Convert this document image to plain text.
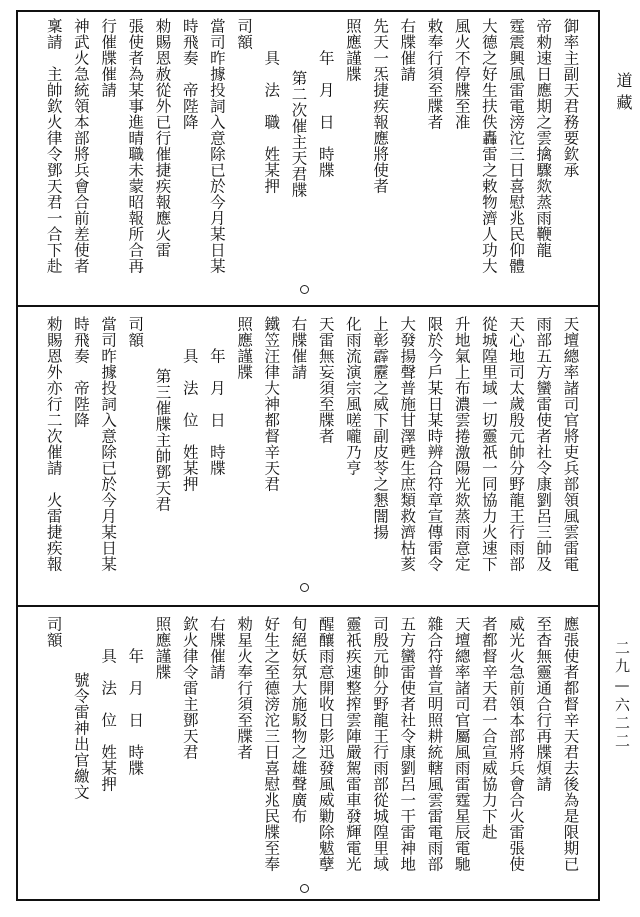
御率主副天君務要欽承
帝勑速日應期之雲擒驟欻蒸雨鞭龍
霆震興風雷電滂沱三日喜慰兆民仰體
大德之好生扶佚轟雷之敕物濟人功大
風火不停牒至准
敕奉行須至牒者
右牒催請
先天一炁捷疾報應將使者
照應謹牒
年　月　日　時牒
第二次催主天君牒
具　法　職　姓某押
司額
當司昨據投詞入意除已於今月某日某
時飛奏　帝陛降
勑賜恩赦從外已行催捷疾報應火雷
張使者為某事進晴職未蒙昭報所合再
行催牒催請
神武火急統領本部將兵會合前差使者
稟請　主帥欽火律令鄧天君一合下赴
天壇總率諸司官將吏兵部領風雲雷電
雨部五方蠻雷使者社令康劉呂三帥及
天心地司太歲殷元帥分野龍王行雨部
從城隍里域一切靈祇一同協力火速下
升地氣上布濃雲捲激陽光欻蒸雨意定
限於今戶某日某時辨合符章宣傳雷令
大發揚聲普施甘澤甦生庶類救濟枯荄
上彰霹靂之威下副皮苓之懇闇揚
化雨流演宗風嗟嚨乃亨
天雷無妄須至牒者
右牒催請
鐵笠汪律大神都督辛天君
照應謹牒
年　月　日　時牒
具　法　位　姓某押
第三催牒主帥鄧天君
司額
當司昨據投詞入意除已於今月某日某
時飛奏　帝陛降
勑賜恩外亦行二次催請　火雷捷疾報
應張使者都督辛天君去後為是限期已
至杳無靈通合行再牒煩請
威光火急前領本部將兵會合火雷張使
者都督辛天君一合宣威協力下赴
天壇總率諸司官屬風雨雷霆星辰電馳
雜合符普宣明照耕統轄風雲雷電雨部
五方蠻雷使者社令康劉呂一干雷神地
司殷元帥分野龍王行雨部從城隍里域
靈祇疾速整搾雲陣嚴駕雷車發輝電光
醒釀雨意開收日影迅發風威勦除魃孽
旬絕妖氛大施駁物之雄聲廣布
好生之至德滂沱三日喜慰兆民牒至奉
勑星火奉行須至牒者
右牒催請
欽火律令雷主鄧天君
照應謹牒
年　月　日　時牒
具　法　位　姓某押
號令雷神出官繳文
司額
道藏
二九—六二二
